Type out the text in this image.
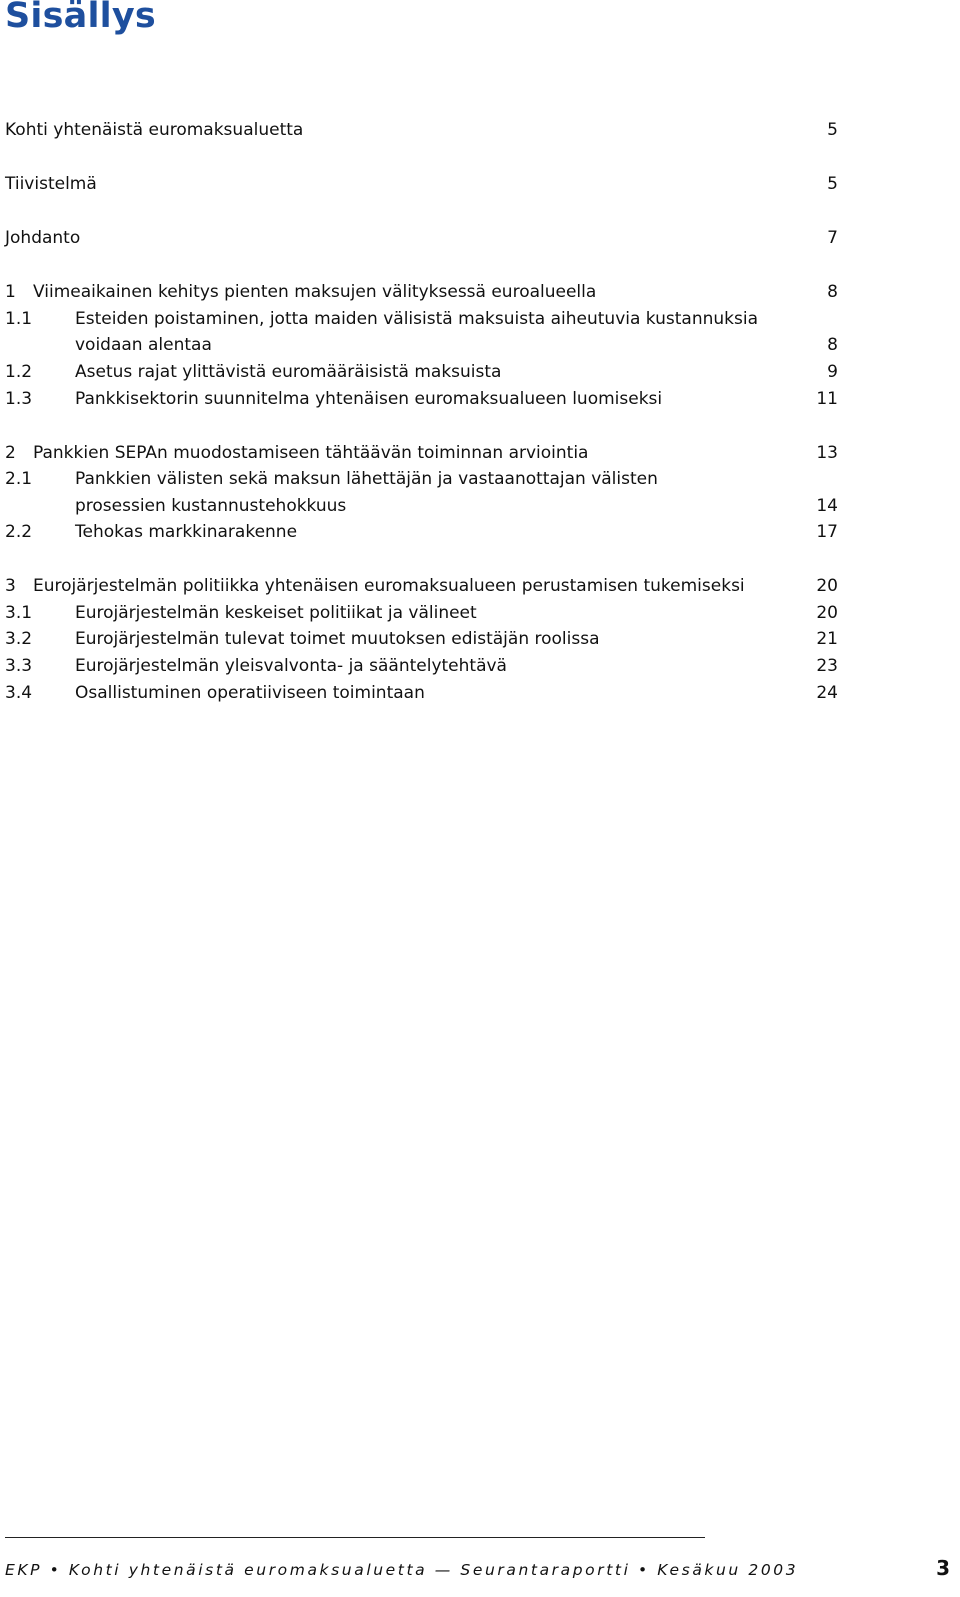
Sisällys
Kohti yhtenäistä euromaksualuetta	5
Tiivistelmä	5
Johdanto	7
1 Viimeaikainen kehitys pienten maksujen välityksessä euroalueella	8
1.1	Esteiden poistaminen, jotta maiden välisistä maksuista aiheutuvia kustannuksia
voidaan alentaa	8
1.2	Asetus rajat ylittävistä euromääräisistä maksuista	9
1.3	Pankkisektorin suunnitelma yhtenäisen euromaksualueen luomiseksi	11
2 Pankkien SEPAn muodostamiseen tähtäävän toiminnan arviointia	13
2.1	Pankkien välisten sekä maksun lähettäjän ja vastaanottajan välisten
prosessien kustannustehokkuus	14
2.2	Tehokas markkinarakenne	17
3 Eurojärjestelmän politiikka yhtenäisen euromaksualueen perustamisen tukemiseksi	20
3.1	Eurojärjestelmän keskeiset politiikat ja välineet	20
3.2	Eurojärjestelmän tulevat toimet muutoksen edistäjän roolissa	21
3.3	Eurojärjestelmän yleisvalvonta- ja sääntelytehtävä	23
3.4	Osallistuminen operatiiviseen toimintaan	24
EKP • Kohti yhtenäistä euromaksualuetta — Seurantaraportti • Kesäkuu 2003	3
